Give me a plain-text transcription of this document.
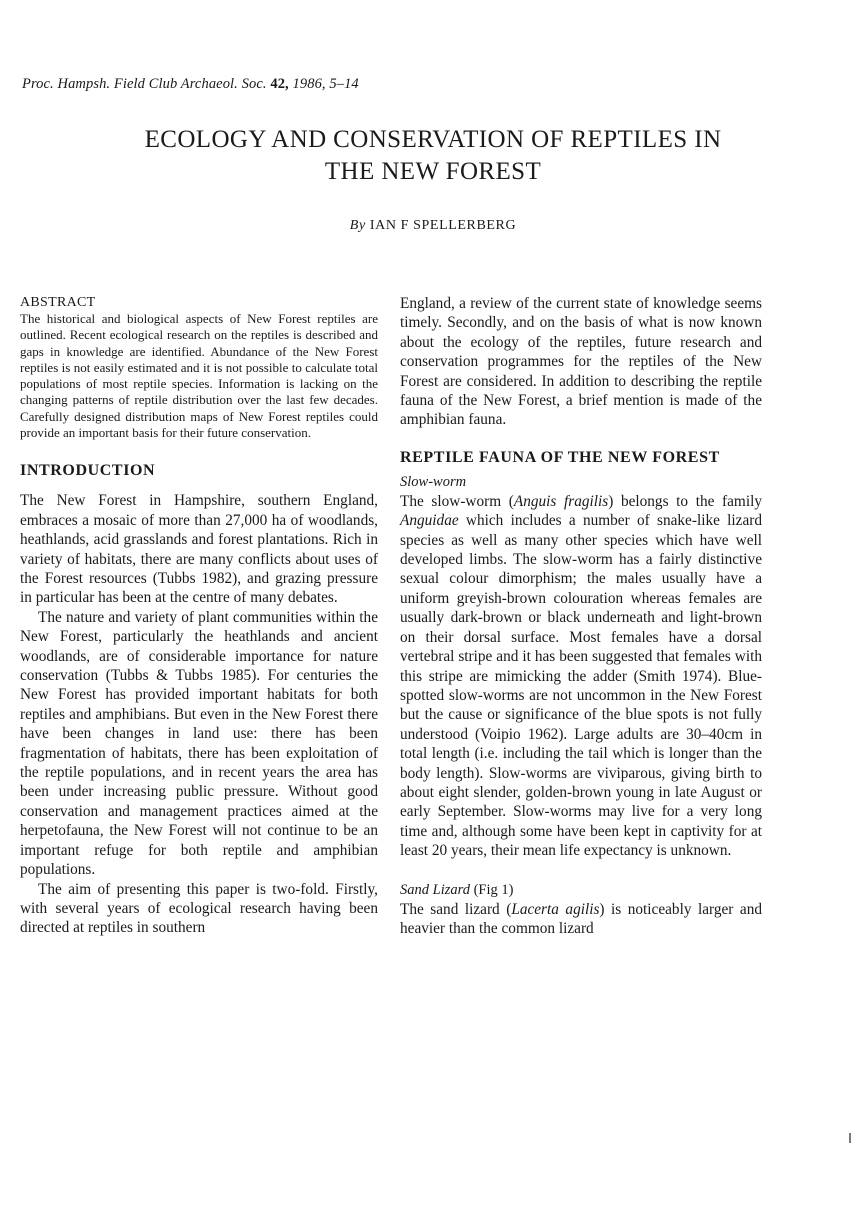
Proc. Hampsh. Field Club Archaeol. Soc. 42, 1986, 5–14
ECOLOGY AND CONSERVATION OF REPTILES IN
THE NEW FOREST
By IAN F SPELLERBERG
ABSTRACT

The historical and biological aspects of New Forest reptiles are outlined. Recent ecological research on the reptiles is described and gaps in knowledge are identified. Abundance of the New Forest reptiles is not easily estimated and it is not possible to calculate total populations of most reptile species. Information is lacking on the changing patterns of reptile distribution over the last few decades. Carefully designed distribution maps of New Forest reptiles could provide an important basis for their future conservation.

INTRODUCTION

The New Forest in Hampshire, southern England, embraces a mosaic of more than 27,000 ha of woodlands, heathlands, acid grasslands and forest plantations. Rich in variety of habitats, there are many conflicts about uses of the Forest resources (Tubbs 1982), and grazing pressure in particular has been at the centre of many debates.

The nature and variety of plant communities within the New Forest, particularly the heathlands and ancient woodlands, are of considerable importance for nature conservation (Tubbs & Tubbs 1985). For centuries the New Forest has provided important habitats for both reptiles and amphibians. But even in the New Forest there have been changes in land use: there has been fragmentation of habitats, there has been exploitation of the reptile populations, and in recent years the area has been under increasing public pressure. Without good conservation and management practices aimed at the herpetofauna, the New Forest will not continue to be an important refuge for both reptile and amphibian populations.

The aim of presenting this paper is two-fold. Firstly, with several years of ecological research having been directed at reptiles in southern

England, a review of the current state of knowledge seems timely. Secondly, and on the basis of what is now known about the ecology of the reptiles, future research and conservation programmes for the reptiles of the New Forest are considered. In addition to describing the reptile fauna of the New Forest, a brief mention is made of the amphibian fauna.

REPTILE FAUNA OF THE NEW FOREST
Slow-worm

The slow-worm (Anguis fragilis) belongs to the family Anguidae which includes a number of snake-like lizard species as well as many other species which have well developed limbs. The slow-worm has a fairly distinctive sexual colour dimorphism; the males usually have a uniform greyish-brown colouration whereas females are usually dark-brown or black underneath and light-brown on their dorsal surface. Most females have a dorsal vertebral stripe and it has been suggested that females with this stripe are mimicking the adder (Smith 1974). Blue-spotted slow-worms are not uncommon in the New Forest but the cause or significance of the blue spots is not fully understood (Voipio 1962). Large adults are 30–40cm in total length (i.e. including the tail which is longer than the body length). Slow-worms are viviparous, giving birth to about eight slender, golden-brown young in late August or early September. Slow-worms may live for a very long time and, although some have been kept in captivity for at least 20 years, their mean life expectancy is unknown.

Sand Lizard (Fig 1)

The sand lizard (Lacerta agilis) is noticeably larger and heavier than the common lizard
